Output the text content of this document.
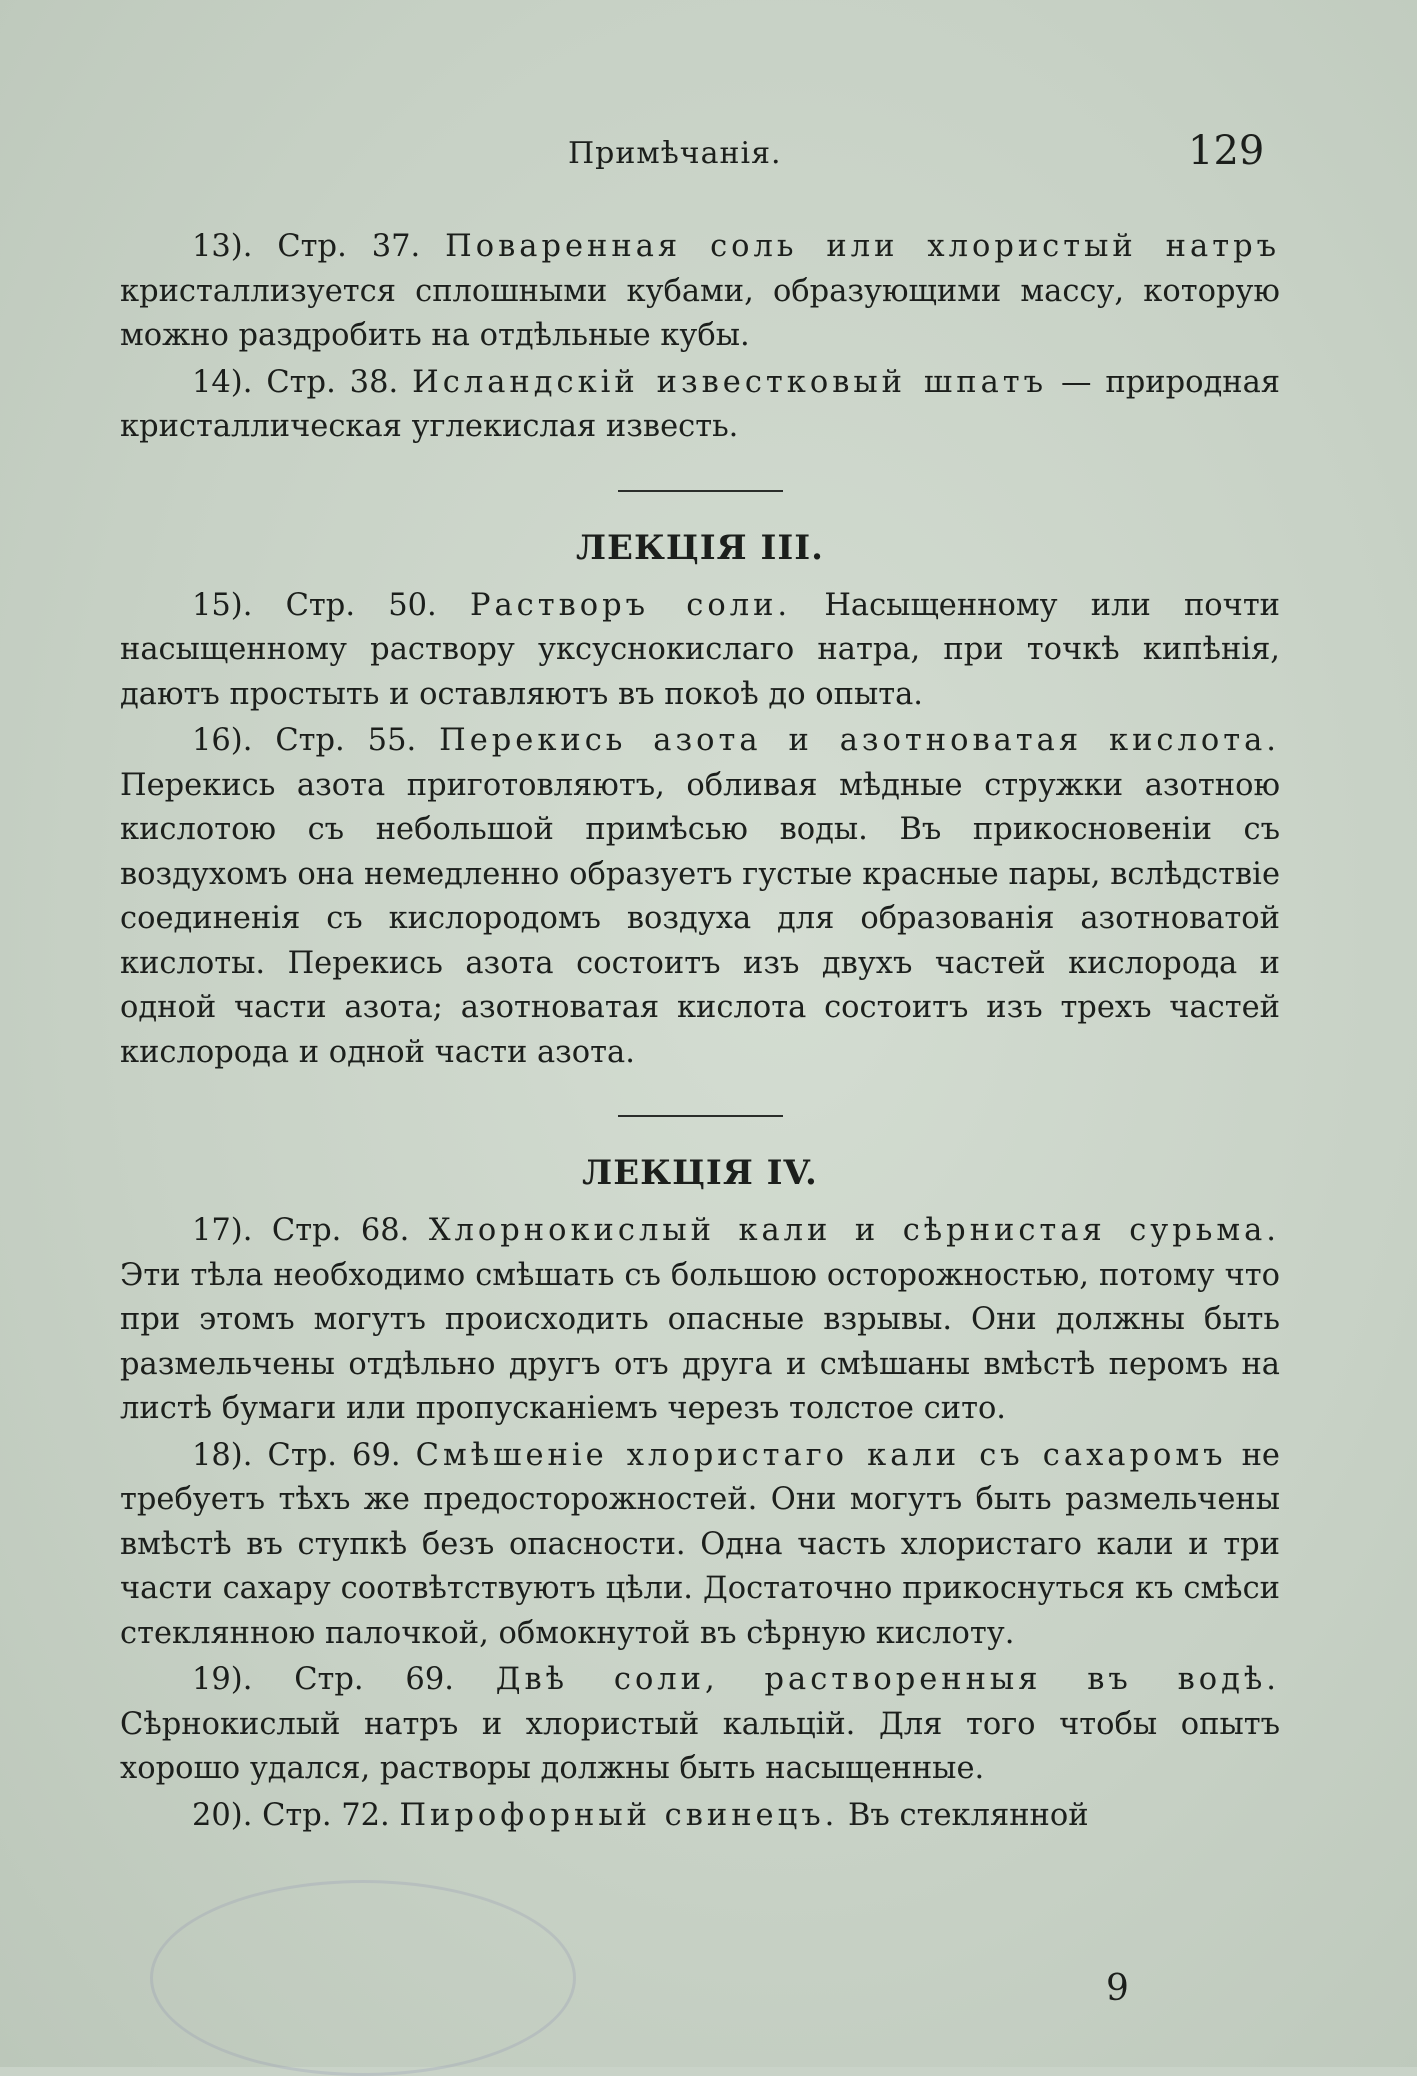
Примѣчанія.	129

13). Стр. 37. Поваренная соль или хлористый натръ кристаллизуется сплошными кубами, образующими массу, которую можно раздробить на отдѣльные кубы.

14). Стр. 38. Исландскій известковый шпатъ — природная кристаллическая углекислая известь.

ЛЕКЦІЯ III.

15). Стр. 50. Растворъ соли. Насыщенному или почти насыщенному раствору уксуснокислаго натра, при точкѣ кипѣнія, даютъ простыть и оставляютъ въ покоѣ до опыта.

16). Стр. 55. Перекись азота и азотноватая кислота. Перекись азота приготовляютъ, обливая мѣдные стружки азотною кислотою съ небольшой примѣсью воды. Въ прикосновеніи съ воздухомъ она немедленно образуетъ густые красные пары, вслѣдствіе соединенія съ кислородомъ воздуха для образованія азотноватой кислоты. Перекись азота состоитъ изъ двухъ частей кислорода и одной части азота; азотноватая кислота состоитъ изъ трехъ частей кислорода и одной части азота.

ЛЕКЦІЯ IV.

17). Стр. 68. Хлорнокислый кали и сѣрнистая сурьма. Эти тѣла необходимо смѣшать съ большою осторожностью, потому что при этомъ могутъ происходить опасные взрывы. Они должны быть размельчены отдѣльно другъ отъ друга и смѣшаны вмѣстѣ перомъ на листѣ бумаги или пропусканіемъ черезъ толстое сито.

18). Стр. 69. Смѣшеніе хлористаго кали съ сахаромъ не требуетъ тѣхъ же предосторожностей. Они могутъ быть размельчены вмѣстѣ въ ступкѣ безъ опасности. Одна часть хлористаго кали и три части сахару соотвѣтствуютъ цѣли. Достаточно прикоснуться къ смѣси стеклянною палочкой, обмокнутой въ сѣрную кислоту.

19). Стр. 69. Двѣ соли, растворенныя въ водѣ. Сѣрнокислый натръ и хлористый кальцій. Для того чтобы опытъ хорошо удался, растворы должны быть насыщенные.

20). Стр. 72. Пирофорный свинецъ. Въ стеклянной

9
